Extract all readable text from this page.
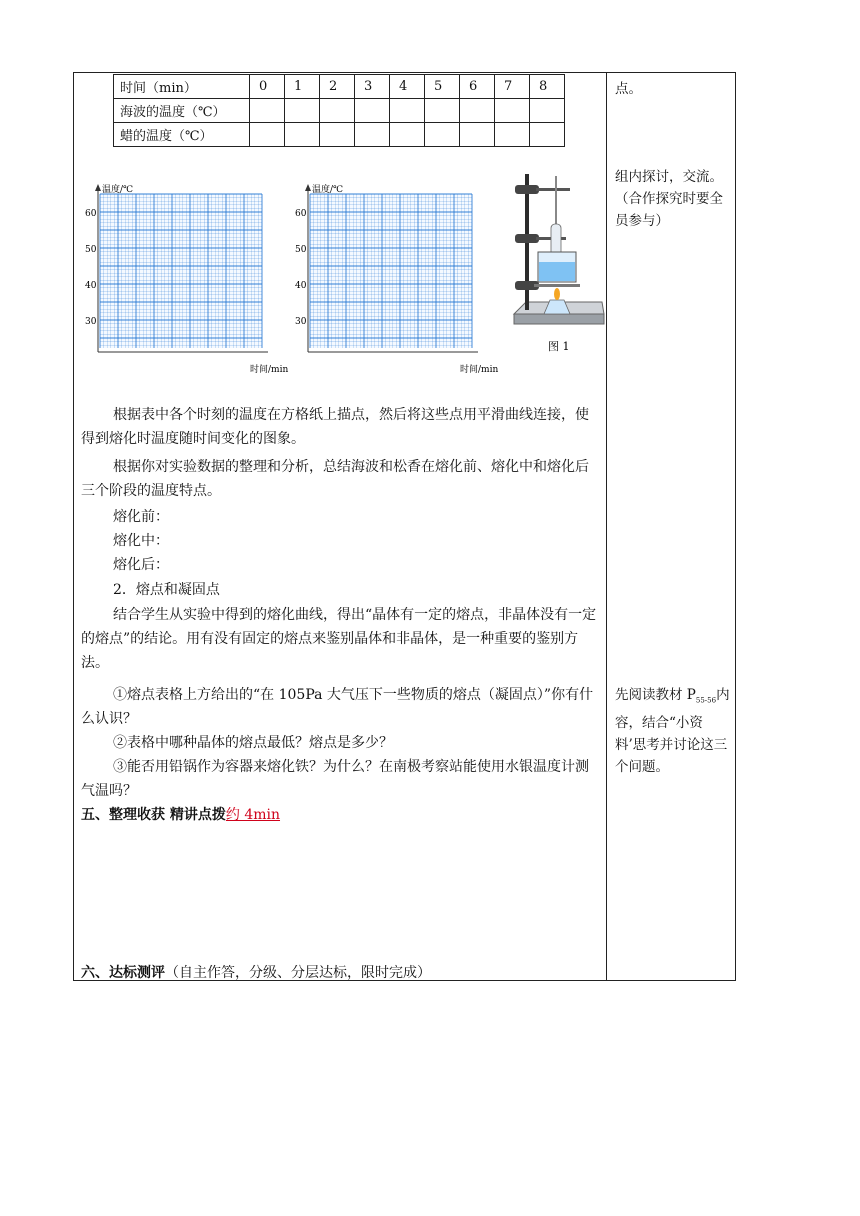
时间（min）	0	1	2	3	4	5	6	7	8
海波的温度（℃）									
蜡的温度（℃）									
温度/℃
时间/min
60
50
40
30
温度/℃
时间/min
60
50
40
30
图 1
点。
组内探讨，交流。（合作探究时要全员参与）
先阅读教材 $P_{55-56}$内容，结合“小资料’思考并讨论这三个问题。
根据表中各个时刻的温度在方格纸上描点，然后将这些点用平滑曲线连接，使得到熔化时温度随时间变化的图象。
根据你对实验数据的整理和分析，总结海波和松香在熔化前、熔化中和熔化后三个阶段的温度特点。
熔化前：
熔化中：
熔化后：
2．熔点和凝固点
结合学生从实验中得到的熔化曲线，得出“晶体有一定的熔点，非晶体没有一定的熔点”的结论。用有没有固定的熔点来鉴别晶体和非晶体，是一种重要的鉴别方法。
①熔点表格上方给出的“在 105Pa 大气压下一些物质的熔点（凝固点）”你有什么认识？
②表格中哪种晶体的熔点最低？熔点是多少？
③能否用铅锅作为容器来熔化铁？为什么？在南极考察站能使用水银温度计测气温吗？
五、整理收获 精讲点拨约 4min
六、达标测评（自主作答，分级、分层达标，限时完成）
